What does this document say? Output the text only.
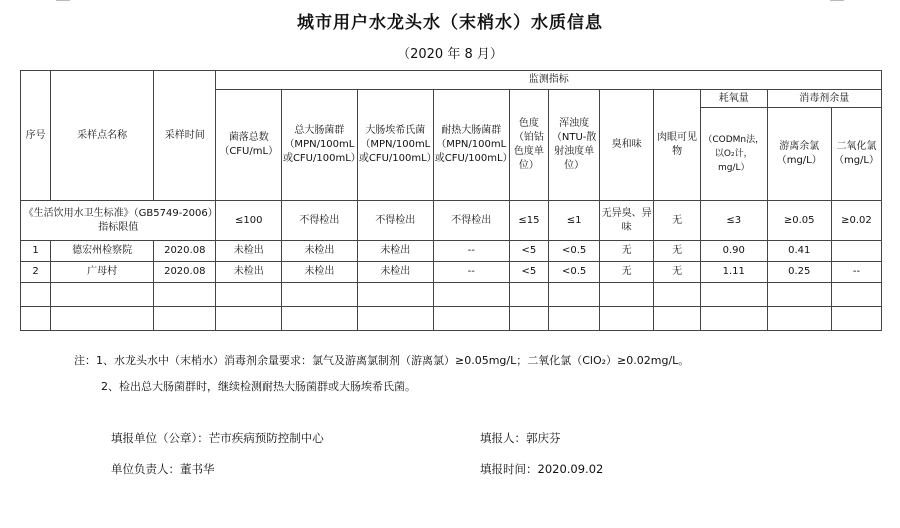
城市用户水龙头水（末梢水）水质信息
（2020 年 8 月）
序号	采样点名称	采样时间	监测指标										
			菌落总数（CFU/mL）	总大肠菌群（MPN/100mL或CFU/100mL）	大肠埃希氏菌（MPN/100mL或CFU/100mL）	耐热大肠菌群（MPN/100mL或CFU/100mL）	色度（铂钴色度单位）	浑浊度（NTU-散射浊度单位）	臭和味	肉眼可见物	耗氧量	消毒剂余量	
											（CODMn法，以O₂计，mg/L）	游离余氯（mg/L）	二氧化氯（mg/L）
《生活饮用水卫生标准》（GB5749-2006）指标限值			≤100	不得检出	不得检出	不得检出	≤15	≤1	无异臭、异味	无	≤3	≥0.05	≥0.02
1	德宏州检察院	2020.08	未检出	未检出	未检出	--	<5	<0.5	无	无	0.90	0.41	
2	广母村	2020.08	未检出	未检出	未检出	--	<5	<0.5	无	无	1.11	0.25	--

注：1、水龙头水中（末梢水）消毒剂余量要求：氯气及游离氯制剂（游离氯）≥0.05mg/L；二氧化氯（ClO₂）≥0.02mg/L。
2、检出总大肠菌群时，继续检测耐热大肠菌群或大肠埃希氏菌。
填报单位（公章）：芒市疾病预防控制中心	填报人：郭庆芬
单位负责人：董书华	填报时间：2020.09.02
